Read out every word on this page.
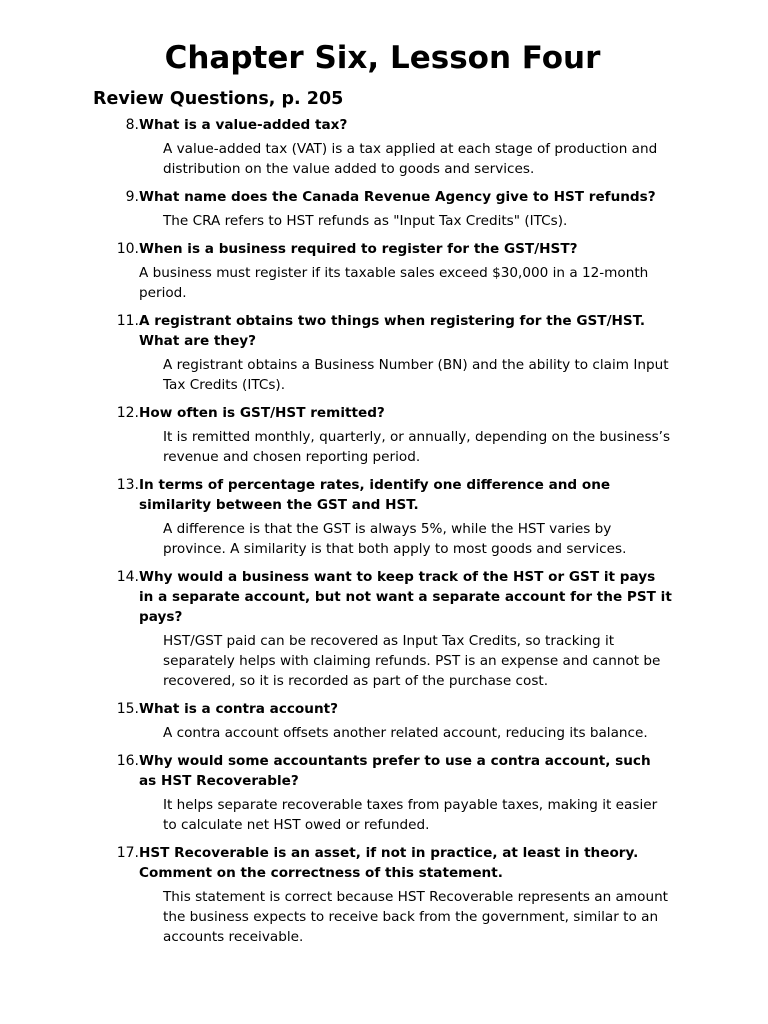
Chapter Six, Lesson Four
Review Questions, p. 205
8. What is a value-added tax?
A value-added tax (VAT) is a tax applied at each stage of production and distribution on the value added to goods and services.
9. What name does the Canada Revenue Agency give to HST refunds?
The CRA refers to HST refunds as "Input Tax Credits" (ITCs).
10. When is a business required to register for the GST/HST?
A business must register if its taxable sales exceed $30,000 in a 12-month period.
11. A registrant obtains two things when registering for the GST/HST. What are they?
A registrant obtains a Business Number (BN) and the ability to claim Input Tax Credits (ITCs).
12. How often is GST/HST remitted?
It is remitted monthly, quarterly, or annually, depending on the business’s revenue and chosen reporting period.
13. In terms of percentage rates, identify one difference and one similarity between the GST and HST.
A difference is that the GST is always 5%, while the HST varies by province. A similarity is that both apply to most goods and services.
14. Why would a business want to keep track of the HST or GST it pays in a separate account, but not want a separate account for the PST it pays?
HST/GST paid can be recovered as Input Tax Credits, so tracking it separately helps with claiming refunds. PST is an expense and cannot be recovered, so it is recorded as part of the purchase cost.
15. What is a contra account?
A contra account offsets another related account, reducing its balance.
16. Why would some accountants prefer to use a contra account, such as HST Recoverable?
It helps separate recoverable taxes from payable taxes, making it easier to calculate net HST owed or refunded.
17. HST Recoverable is an asset, if not in practice, at least in theory. Comment on the correctness of this statement.
This statement is correct because HST Recoverable represents an amount the business expects to receive back from the government, similar to an accounts receivable.
